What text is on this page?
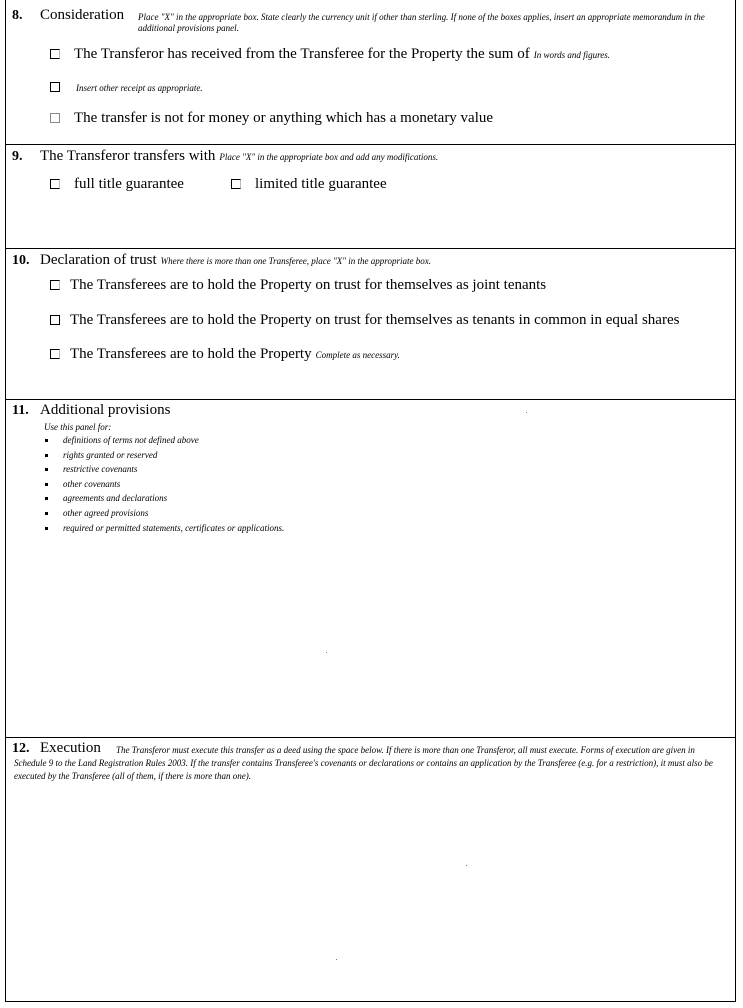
8. Consideration Place "X" in the appropriate box. State clearly the currency unit if other than sterling. If none of the boxes applies, insert an appropriate memorandum in the additional provisions panel.
The Transferor has received from the Transferee for the Property the sum of In words and figures.
Insert other receipt as appropriate.
The transfer is not for money or anything which has a monetary value
9. The Transferor transfers with Place "X" in the appropriate box and add any modifications.
full title guarantee	limited title guarantee
10. Declaration of trust Where there is more than one Transferee, place "X" in the appropriate box.
The Transferees are to hold the Property on trust for themselves as joint tenants
The Transferees are to hold the Property on trust for themselves as tenants in common in equal shares
The Transferees are to hold the Property Complete as necessary.
11. Additional provisions
Use this panel for:
definitions of terms not defined above
rights granted or reserved
restrictive covenants
other covenants
agreements and declarations
other agreed provisions
required or permitted statements, certificates or applications.
12. Execution	The Transferor must execute this transfer as a deed using the space below. If there is more than one Transferor, all must execute. Forms of execution are given in Schedule 9 to the Land Registration Rules 2003. If the transfer contains Transferee's covenants or declarations or contains an application by the Transferee (e.g. for a restriction), it must also be executed by the Transferee (all of them, if there is more than one).
